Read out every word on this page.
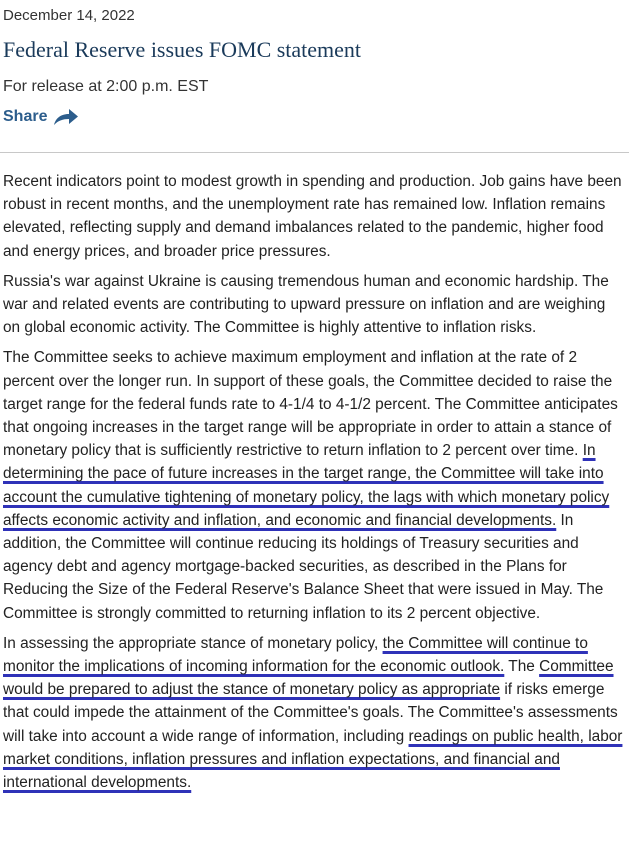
December 14, 2022
Federal Reserve issues FOMC statement
For release at 2:00 p.m. EST
Share

Recent indicators point to modest growth in spending and production. Job gains have been robust in recent months, and the unemployment rate has remained low. Inflation remains elevated, reflecting supply and demand imbalances related to the pandemic, higher food and energy prices, and broader price pressures.

Russia's war against Ukraine is causing tremendous human and economic hardship. The war and related events are contributing to upward pressure on inflation and are weighing on global economic activity. The Committee is highly attentive to inflation risks.

The Committee seeks to achieve maximum employment and inflation at the rate of 2 percent over the longer run. In support of these goals, the Committee decided to raise the target range for the federal funds rate to 4-1/4 to 4-1/2 percent. The Committee anticipates that ongoing increases in the target range will be appropriate in order to attain a stance of monetary policy that is sufficiently restrictive to return inflation to 2 percent over time. In determining the pace of future increases in the target range, the Committee will take into account the cumulative tightening of monetary policy, the lags with which monetary policy affects economic activity and inflation, and economic and financial developments. In addition, the Committee will continue reducing its holdings of Treasury securities and agency debt and agency mortgage-backed securities, as described in the Plans for Reducing the Size of the Federal Reserve's Balance Sheet that were issued in May. The Committee is strongly committed to returning inflation to its 2 percent objective.

In assessing the appropriate stance of monetary policy, the Committee will continue to monitor the implications of incoming information for the economic outlook. The Committee would be prepared to adjust the stance of monetary policy as appropriate if risks emerge that could impede the attainment of the Committee's goals. The Committee's assessments will take into account a wide range of information, including readings on public health, labor market conditions, inflation pressures and inflation expectations, and financial and international developments.
